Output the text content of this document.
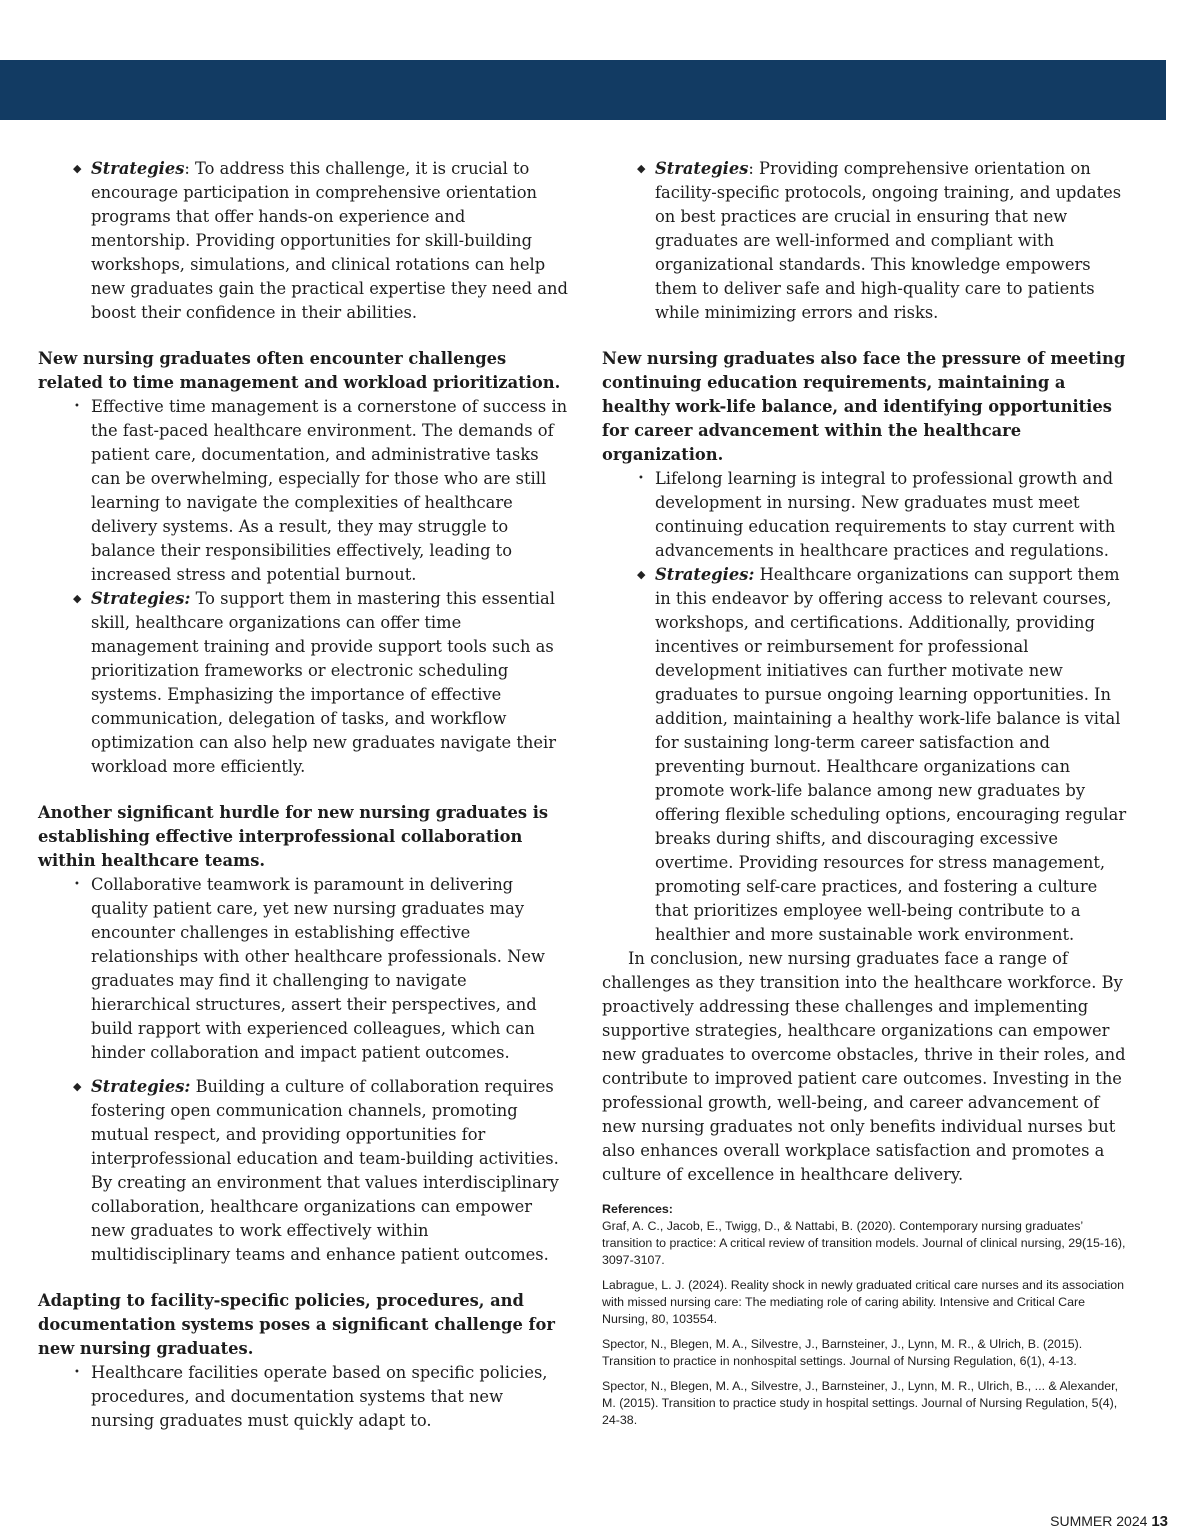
◆ Strategies: To address this challenge, it is crucial to encourage participation in comprehensive orientation programs that offer hands-on experience and mentorship. Providing opportunities for skill-building workshops, simulations, and clinical rotations can help new graduates gain the practical expertise they need and boost their confidence in their abilities.

New nursing graduates often encounter challenges related to time management and workload prioritization.

• Effective time management is a cornerstone of success in the fast-paced healthcare environment. The demands of patient care, documentation, and administrative tasks can be overwhelming, especially for those who are still learning to navigate the complexities of healthcare delivery systems. As a result, they may struggle to balance their responsibilities effectively, leading to increased stress and potential burnout.
◆ Strategies: To support them in mastering this essential skill, healthcare organizations can offer time management training and provide support tools such as prioritization frameworks or electronic scheduling systems. Emphasizing the importance of effective communication, delegation of tasks, and workflow optimization can also help new graduates navigate their workload more efficiently.

Another significant hurdle for new nursing graduates is establishing effective interprofessional collaboration within healthcare teams.

• Collaborative teamwork is paramount in delivering quality patient care, yet new nursing graduates may encounter challenges in establishing effective relationships with other healthcare professionals. New graduates may find it challenging to navigate hierarchical structures, assert their perspectives, and build rapport with experienced colleagues, which can hinder collaboration and impact patient outcomes.
◆ Strategies: Building a culture of collaboration requires fostering open communication channels, promoting mutual respect, and providing opportunities for interprofessional education and team-building activities. By creating an environment that values interdisciplinary collaboration, healthcare organizations can empower new graduates to work effectively within multidisciplinary teams and enhance patient outcomes.

Adapting to facility-specific policies, procedures, and documentation systems poses a significant challenge for new nursing graduates.

• Healthcare facilities operate based on specific policies, procedures, and documentation systems that new nursing graduates must quickly adapt to.
◆ Strategies: Providing comprehensive orientation on facility-specific protocols, ongoing training, and updates on best practices are crucial in ensuring that new graduates are well-informed and compliant with organizational standards. This knowledge empowers them to deliver safe and high-quality care to patients while minimizing errors and risks.

New nursing graduates also face the pressure of meeting continuing education requirements, maintaining a healthy work-life balance, and identifying opportunities for career advancement within the healthcare organization.

• Lifelong learning is integral to professional growth and development in nursing. New graduates must meet continuing education requirements to stay current with advancements in healthcare practices and regulations.
◆ Strategies: Healthcare organizations can support them in this endeavor by offering access to relevant courses, workshops, and certifications. Additionally, providing incentives or reimbursement for professional development initiatives can further motivate new graduates to pursue ongoing learning opportunities. In addition, maintaining a healthy work-life balance is vital for sustaining long-term career satisfaction and preventing burnout. Healthcare organizations can promote work-life balance among new graduates by offering flexible scheduling options, encouraging regular breaks during shifts, and discouraging excessive overtime. Providing resources for stress management, promoting self-care practices, and fostering a culture that prioritizes employee well-being contribute to a healthier and more sustainable work environment.

In conclusion, new nursing graduates face a range of challenges as they transition into the healthcare workforce. By proactively addressing these challenges and implementing supportive strategies, healthcare organizations can empower new graduates to overcome obstacles, thrive in their roles, and contribute to improved patient care outcomes. Investing in the professional growth, well-being, and career advancement of new nursing graduates not only benefits individual nurses but also enhances overall workplace satisfaction and promotes a culture of excellence in healthcare delivery.

References:
Graf, A. C., Jacob, E., Twigg, D., & Nattabi, B. (2020). Contemporary nursing graduates’ transition to practice: A critical review of transition models. Journal of clinical nursing, 29(15-16), 3097-3107.
Labrague, L. J. (2024). Reality shock in newly graduated critical care nurses and its association with missed nursing care: The mediating role of caring ability. Intensive and Critical Care Nursing, 80, 103554.
Spector, N., Blegen, M. A., Silvestre, J., Barnsteiner, J., Lynn, M. R., & Ulrich, B. (2015). Transition to practice in nonhospital settings. Journal of Nursing Regulation, 6(1), 4-13.
Spector, N., Blegen, M. A., Silvestre, J., Barnsteiner, J., Lynn, M. R., Ulrich, B., ... & Alexander, M. (2015). Transition to practice study in hospital settings. Journal of Nursing Regulation, 5(4), 24-38.
SUMMER 2024 13
